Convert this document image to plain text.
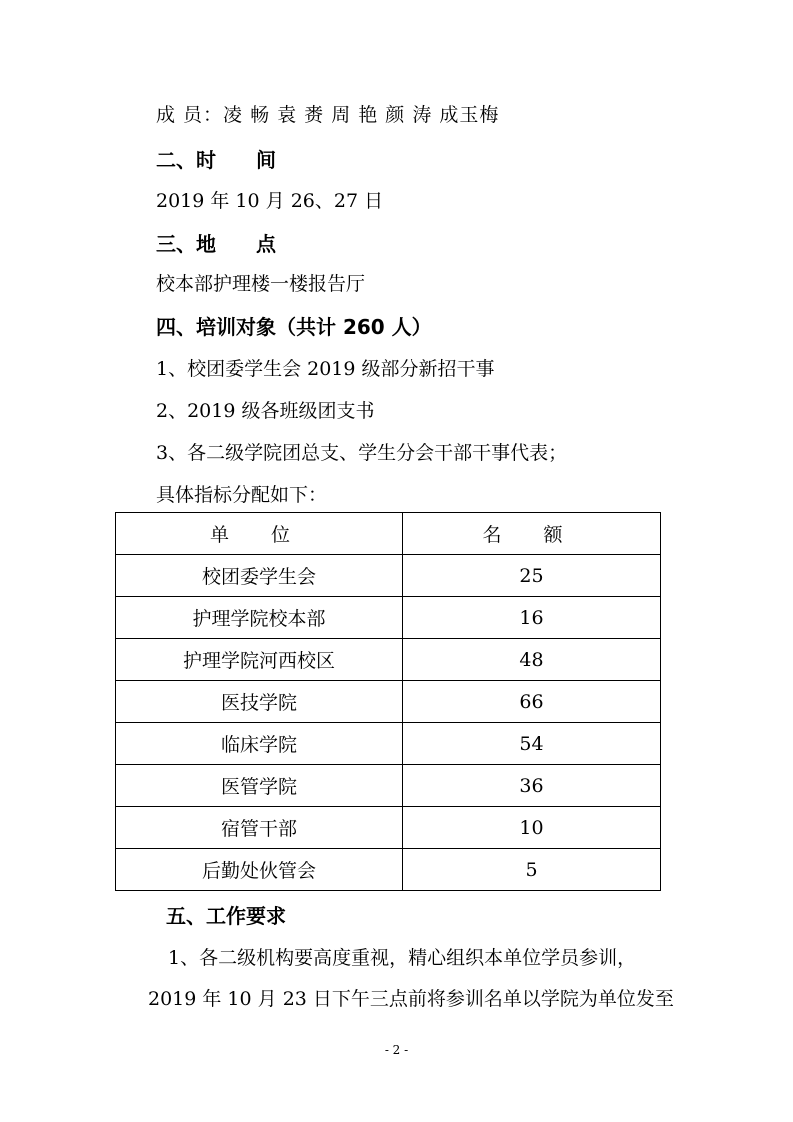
成 员：凌 畅 袁 赉 周 艳 颜 涛 成玉梅
二、时　　间
2019 年 10 月 26、27 日
三、地　　点
校本部护理楼一楼报告厅
四、培训对象（共计 260 人）
1、校团委学生会 2019 级部分新招干事
2、2019 级各班级团支书
3、各二级学院团总支、学生分会干部干事代表；
具体指标分配如下：
单 位	名 额
校团委学生会	25
护理学院校本部	16
护理学院河西校区	48
医技学院	66
临床学院	54
医管学院	36
宿管干部	10
后勤处伙管会	5
五、工作要求
1、各二级机构要高度重视，精心组织本单位学员参训，
2019 年 10 月 23 日下午三点前将参训名单以学院为单位发至
- 2 -
